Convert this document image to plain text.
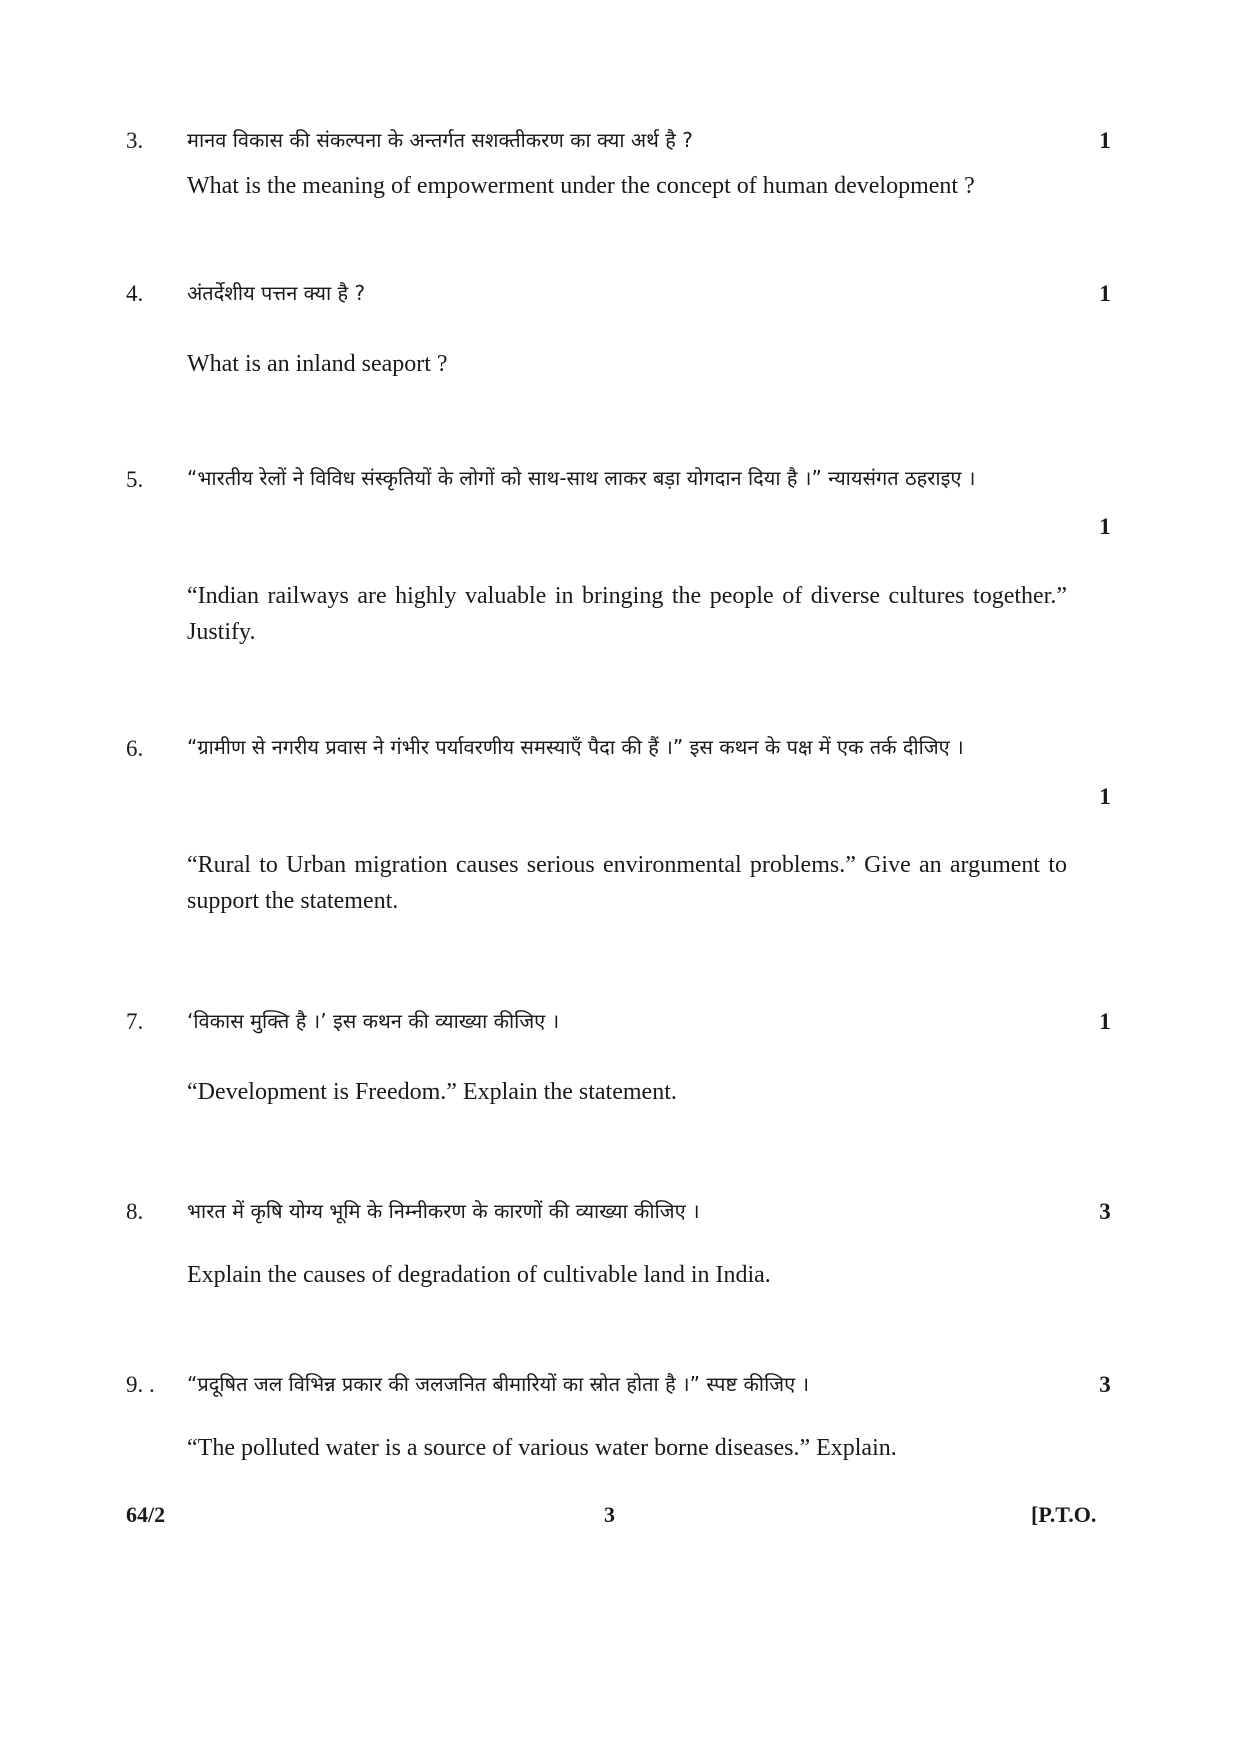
3.	मानव विकास की संकल्पना के अन्तर्गत सशक्तीकरण का क्या अर्थ है ?	1
What is the meaning of empowerment under the concept of human development ?
4.	अंतर्देशीय पत्तन क्या है ?	1
What is an inland seaport ?
5.	“भारतीय रेलों ने विविध संस्कृतियों के लोगों को साथ-साथ लाकर बड़ा योगदान दिया है ।” न्यायसंगत ठहराइए ।
1
“Indian railways are highly valuable in bringing the people of diverse cultures together.” Justify.
6.	“ग्रामीण से नगरीय प्रवास ने गंभीर पर्यावरणीय समस्याएँ पैदा की हैं ।” इस कथन के पक्ष में एक तर्क दीजिए ।
1
“Rural to Urban migration causes serious environmental problems.” Give an argument to support the statement.
7.	‘विकास मुक्ति है ।’ इस कथन की व्याख्या कीजिए ।	1
“Development is Freedom.” Explain the statement.
8.	भारत में कृषि योग्य भूमि के निम्नीकरण के कारणों की व्याख्या कीजिए ।	3
Explain the causes of degradation of cultivable land in India.
9. .	“प्रदूषित जल विभिन्न प्रकार की जलजनित बीमारियों का स्रोत होता है ।” स्पष्ट कीजिए ।	3
“The polluted water is a source of various water borne diseases.” Explain.
64/2	3	[P.T.O.
